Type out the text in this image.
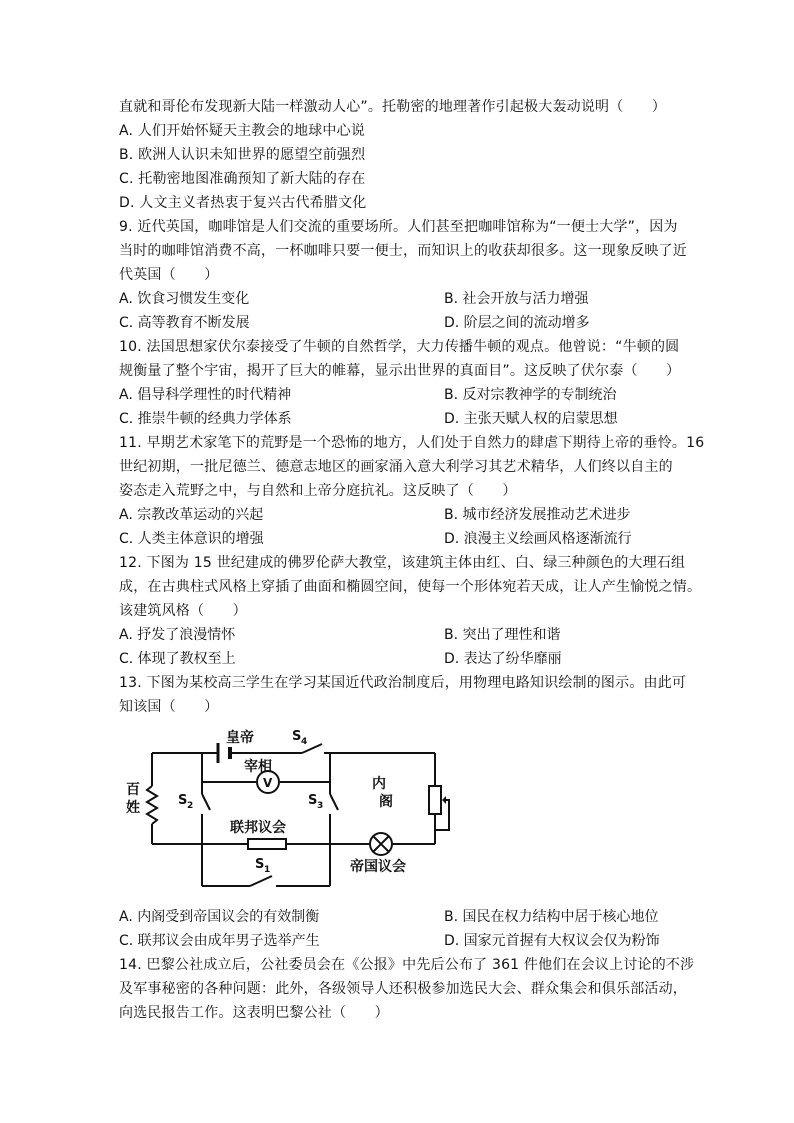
直就和哥伦布发现新大陆一样激动人心”。托勒密的地理著作引起极大轰动说明（　　）
A. 人们开始怀疑天主教会的地球中心说
B. 欧洲人认识未知世界的愿望空前强烈
C. 托勒密地图准确预知了新大陆的存在
D. 人文主义者热衷于复兴古代希腊文化
9. 近代英国，咖啡馆是人们交流的重要场所。人们甚至把咖啡馆称为“一便士大学”，因为
当时的咖啡馆消费不高，一杯咖啡只要一便士，而知识上的收获却很多。这一现象反映了近
代英国（　　）
A. 饮食习惯发生变化	B. 社会开放与活力增强
C. 高等教育不断发展	D. 阶层之间的流动增多
10. 法国思想家伏尔泰接受了牛顿的自然哲学，大力传播牛顿的观点。他曾说：“牛顿的圆
规衡量了整个宇宙，揭开了巨大的帷幕，显示出世界的真面目”。这反映了伏尔泰（　　）
A. 倡导科学理性的时代精神	B. 反对宗教神学的专制统治
C. 推崇牛顿的经典力学体系	D. 主张天赋人权的启蒙思想
11. 早期艺术家笔下的荒野是一个恐怖的地方，人们处于自然力的肆虐下期待上帝的垂怜。16
世纪初期，一批尼德兰、德意志地区的画家涌入意大利学习其艺术精华，人们终以自主的
姿态走入荒野之中，与自然和上帝分庭抗礼。这反映了（　　）
A. 宗教改革运动的兴起	B. 城市经济发展推动艺术进步
C. 人类主体意识的增强	D. 浪漫主义绘画风格逐渐流行
12. 下图为 15 世纪建成的佛罗伦萨大教堂，该建筑主体由红、白、绿三种颜色的大理石组
成，在古典柱式风格上穿插了曲面和椭圆空间，使每一个形体宛若天成，让人产生愉悦之情。
该建筑风格（　　）
A. 抒发了浪漫情怀	B. 突出了理性和谐
C. 体现了教权至上	D. 表达了纷华靡丽
13. 下图为某校高三学生在学习某国近代政治制度后，用物理电路知识绘制的图示。由此可
知该国（　　）
皇帝	S 4
宰相
V
百
姓	S 2	S 3
内
阁
联邦议会
帝国议会
S 1
A. 内阁受到帝国议会的有效制衡	B. 国民在权力结构中居于核心地位
C. 联邦议会由成年男子选举产生	D. 国家元首握有大权议会仅为粉饰
14. 巴黎公社成立后，公社委员会在《公报》中先后公布了 361 件他们在会议上讨论的不涉
及军事秘密的各种问题：此外，各级领导人还积极参加选民大会、群众集会和俱乐部活动，
向选民报告工作。这表明巴黎公社（　　）
